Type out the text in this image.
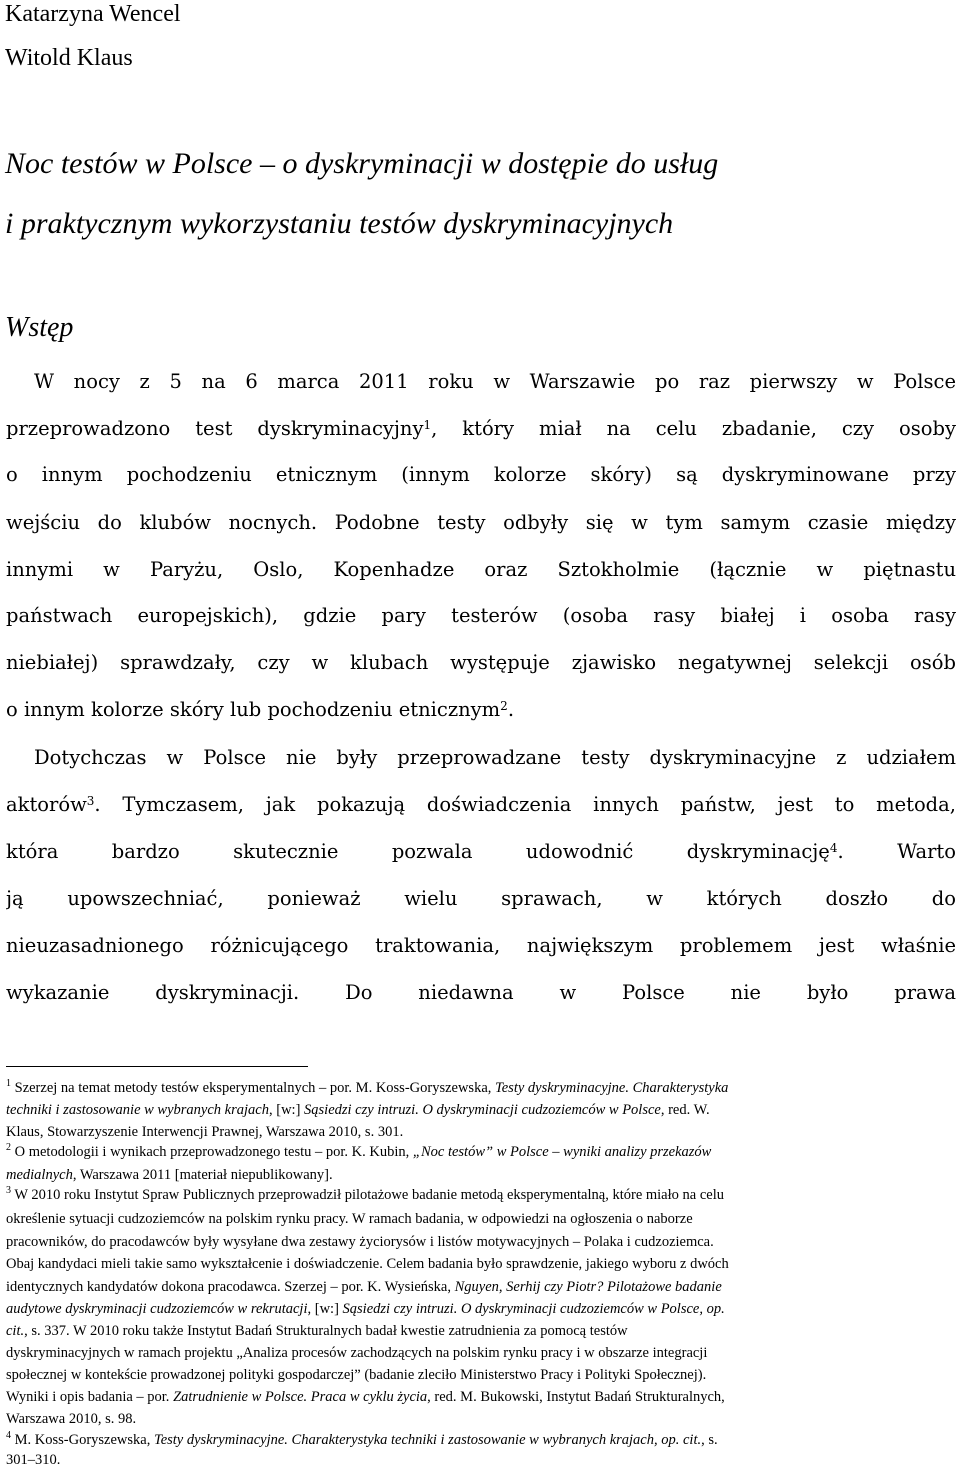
Katarzyna Wencel
Witold Klaus
Noc testów w Polsce – o dyskryminacji w dostępie do usług
i praktycznym wykorzystaniu testów dyskryminacyjnych
Wstęp
W nocy z 5 na 6 marca 2011 roku w Warszawie po raz pierwszy w Polsce
przeprowadzono test dyskryminacyjny$^1$, który miał na celu zbadanie, czy osoby
o innym pochodzeniu etnicznym (innym kolorze skóry) są dyskryminowane przy
wejściu do klubów nocnych. Podobne testy odbyły się w tym samym czasie między
innymi w Paryżu, Oslo, Kopenhadze oraz Sztokholmie (łącznie w piętnastu
państwach europejskich), gdzie pary testerów (osoba rasy białej i osoba rasy
niebiałej) sprawdzały, czy w klubach występuje zjawisko negatywnej selekcji osób
o innym kolorze skóry lub pochodzeniu etnicznym$^2$.
Dotychczas w Polsce nie były przeprowadzane testy dyskryminacyjne z udziałem
aktorów$^3$. Tymczasem, jak pokazują doświadczenia innych państw, jest to metoda,
która bardzo skutecznie pozwala udowodnić dyskryminację$^4$. Warto
ją upowszechniać, ponieważ wielu sprawach, w których doszło do
nieuzasadnionego różnicującego traktowania, największym problemem jest właśnie
wykazanie dyskryminacji. Do niedawna w Polsce nie było prawa
$^1$ Szerzej na temat metody testów eksperymentalnych – por. M. Koss-Goryszewska, Testy dyskryminacyjne. Charakterystyka
techniki i zastosowanie w wybranych krajach, [w:] Sąsiedzi czy intruzi. O dyskryminacji cudzoziemców w Polsce, red. W.
Klaus, Stowarzyszenie Interwencji Prawnej, Warszawa 2010, s. 301.
$^2$ O metodologii i wynikach przeprowadzonego testu – por. K. Kubin, „Noc testów” w Polsce – wyniki analizy przekazów
medialnych, Warszawa 2011 [materiał niepublikowany].
$^3$ W 2010 roku Instytut Spraw Publicznych przeprowadził pilotażowe badanie metodą eksperymentalną, które miało na celu
określenie sytuacji cudzoziemców na polskim rynku pracy. W ramach badania, w odpowiedzi na ogłoszenia o naborze
pracowników, do pracodawców były wysyłane dwa zestawy życiorysów i listów motywacyjnych – Polaka i cudzoziemca.
Obaj kandydaci mieli takie samo wykształcenie i doświadczenie. Celem badania było sprawdzenie, jakiego wyboru z dwóch
identycznych kandydatów dokona pracodawca. Szerzej – por. K. Wysieńska, Nguyen, Serhij czy Piotr? Pilotażowe badanie
audytowe dyskryminacji cudzoziemców w rekrutacji, [w:] Sąsiedzi czy intruzi. O dyskryminacji cudzoziemców w Polsce, op.
cit., s. 337. W 2010 roku także Instytut Badań Strukturalnych badał kwestie zatrudnienia za pomocą testów
dyskryminacyjnych w ramach projektu „Analiza procesów zachodzących na polskim rynku pracy i w obszarze integracji
społecznej w kontekście prowadzonej polityki gospodarczej” (badanie zleciło Ministerstwo Pracy i Polityki Społecznej).
Wyniki i opis badania – por. Zatrudnienie w Polsce. Praca w cyklu życia, red. M. Bukowski, Instytut Badań Strukturalnych,
Warszawa 2010, s. 98.
$^4$ M. Koss-Goryszewska, Testy dyskryminacyjne. Charakterystyka techniki i zastosowanie w wybranych krajach, op. cit., s.
301–310.
